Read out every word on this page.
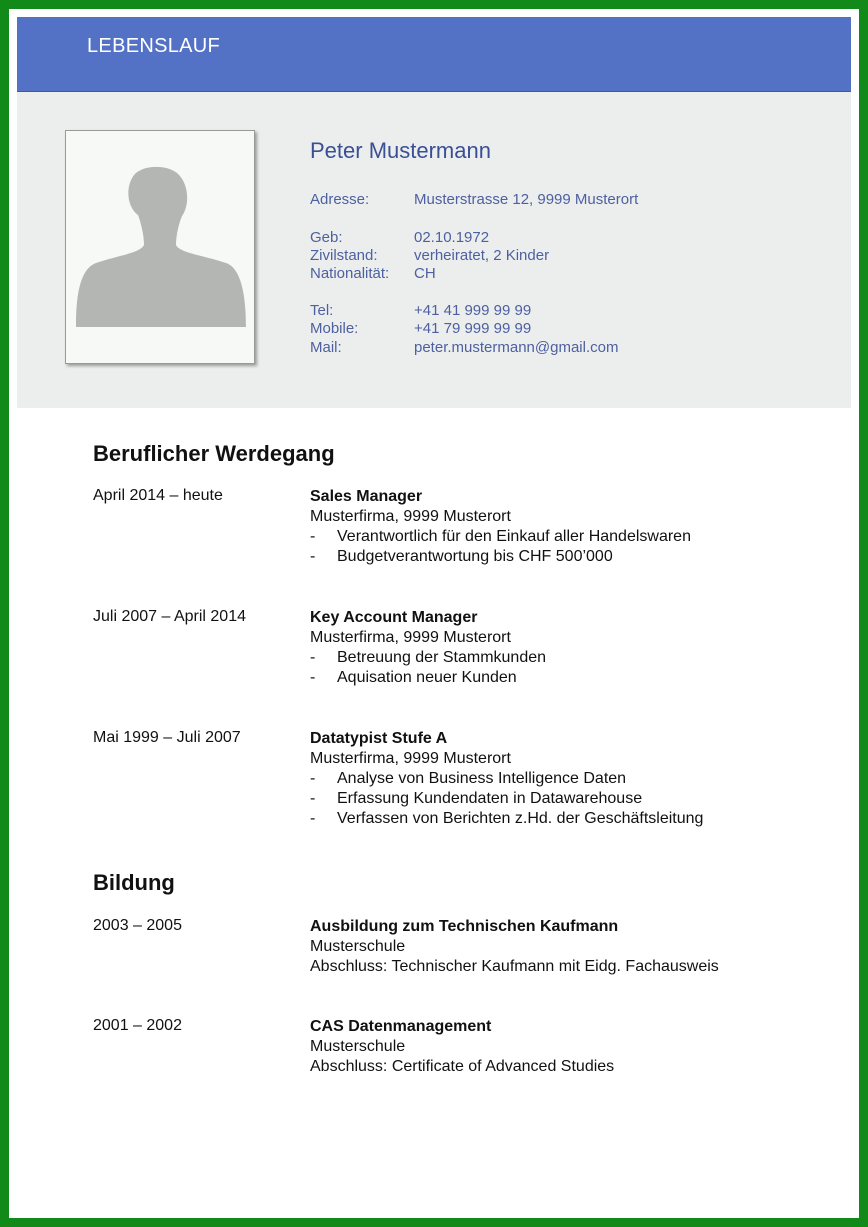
LEBENSLAUF
Peter Mustermann
Adresse:	Musterstrasse 12, 9999 Musterort
Geb:	02.10.1972
Zivilstand: verheiratet, 2 Kinder
Nationalität: CH
Tel:	+41 41 999 99 99
Mobile:	+41 79 999 99 99
Mail:	peter.mustermann@gmail.com
Beruflicher Werdegang
April 2014 – heute	Sales Manager
Musterfirma, 9999 Musterort
- Verantwortlich für den Einkauf aller Handelswaren
- Budgetverantwortung bis CHF 500’000
Juli 2007 – April 2014	Key Account Manager
Musterfirma, 9999 Musterort
- Betreuung der Stammkunden
- Aquisation neuer Kunden
Mai 1999 – Juli 2007	Datatypist Stufe A
Musterfirma, 9999 Musterort
- Analyse von Business Intelligence Daten
- Erfassung Kundendaten in Datawarehouse
- Verfassen von Berichten z.Hd. der Geschäftsleitung
Bildung
2003 – 2005	Ausbildung zum Technischen Kaufmann
Musterschule
Abschluss: Technischer Kaufmann mit Eidg. Fachausweis
2001 – 2002	CAS Datenmanagement
Musterschule
Abschluss: Certificate of Advanced Studies
